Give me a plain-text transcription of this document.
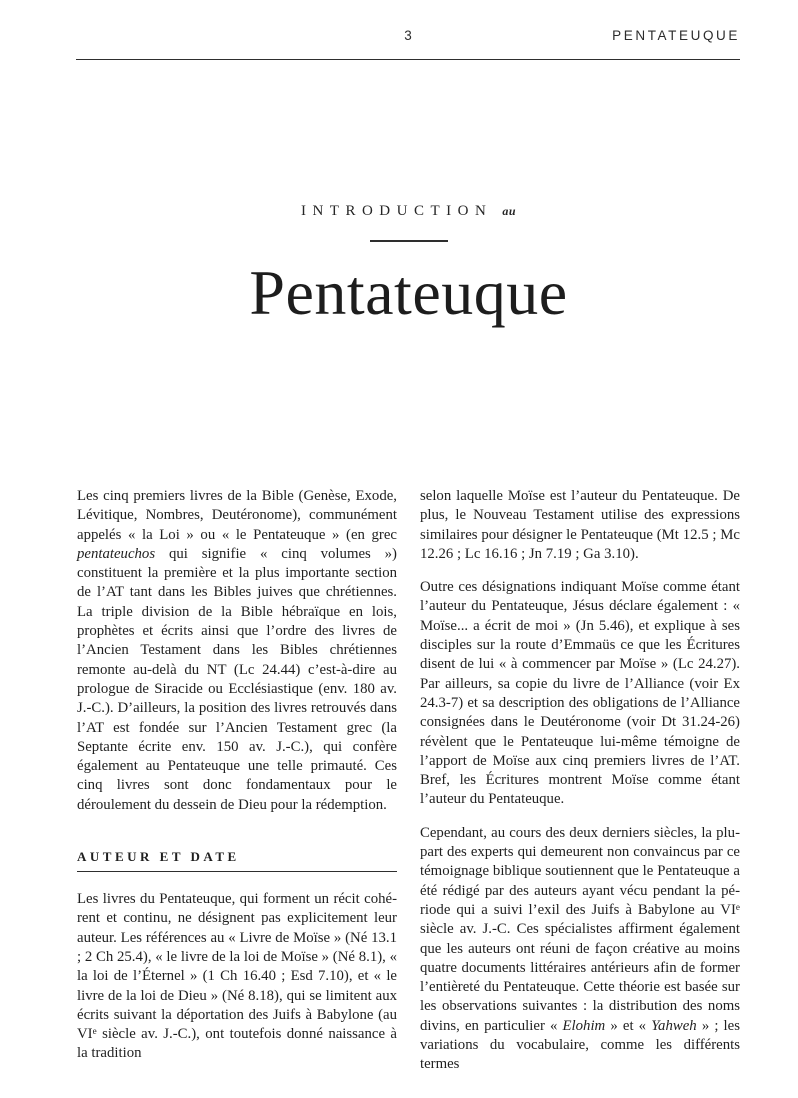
3	PENTATEUQUE
INTRODUCTION au
Pentateuque

Les cinq premiers livres de la Bible (Genèse, Exode, Lévitique, Nombres, Deutéronome), communément appelés « la Loi » ou « le Pentateuque » (en grec pentateuchos qui signifie « cinq volumes ») constituent la première et la plus importante section de l’AT tant dans les Bibles juives que chrétiennes. La triple division de la Bible hébraïque en lois, prophètes et écrits ainsi que l’ordre des livres de l’Ancien Testament dans les Bibles chrétiennes remonte au-delà du NT (Lc 24.44) c’est-à-dire au prologue de Siracide ou Ecclésiastique (env. 180 av. J.-C.). D’ailleurs, la position des livres retrouvés dans l’AT est fondée sur l’Ancien Testament grec (la Septante écrite env. 150 av. J.-C.), qui confère également au Pentateuque une telle primauté. Ces cinq livres sont donc fondamentaux pour le déroulement du dessein de Dieu pour la rédemption.

AUTEUR ET DATE

Les livres du Pentateuque, qui forment un récit cohérent et continu, ne désignent pas explicitement leur auteur. Les références au « Livre de Moïse » (Né 13.1 ; 2 Ch 25.4), « le livre de la loi de Moïse » (Né 8.1), « la loi de l’Éternel » (1 Ch 16.40 ; Esd 7.10), et « le livre de la loi de Dieu » (Né 8.18), qui se limitent aux écrits suivant la déportation des Juifs à Babylone (au VIe siècle av. J.-C.), ont toutefois donné naissance à la tradition

selon laquelle Moïse est l’auteur du Pentateuque. De plus, le Nouveau Testament utilise des expressions similaires pour désigner le Pentateuque (Mt 12.5 ; Mc 12.26 ; Lc 16.16 ; Jn 7.19 ; Ga 3.10).

Outre ces désignations indiquant Moïse comme étant l’auteur du Pentateuque, Jésus déclare également : « Moïse... a écrit de moi » (Jn 5.46), et explique à ses disciples sur la route d’Emmaüs ce que les Écritures disent de lui « à commencer par Moïse » (Lc 24.27). Par ailleurs, sa copie du livre de l’Alliance (voir Ex 24.3-7) et sa description des obligations de l’Alliance consignées dans le Deutéronome (voir Dt 31.24-26) révèlent que le Pentateuque lui-même témoigne de l’apport de Moïse aux cinq premiers livres de l’AT. Bref, les Écritures montrent Moïse comme étant l’auteur du Pentateuque.

Cependant, au cours des deux derniers siècles, la plupart des experts qui demeurent non convaincus par ce témoignage biblique soutiennent que le Pentateuque a été rédigé par des auteurs ayant vécu pendant la période qui a suivi l’exil des Juifs à Babylone au VIe siècle av. J.-C. Ces spécialistes affirment également que les auteurs ont réuni de façon créative au moins quatre documents littéraires antérieurs afin de former l’entièreté du Pentateuque. Cette théorie est basée sur les observations suivantes : la distribution des noms divins, en particulier « Elohim » et « Yahweh » ; les variations du vocabulaire, comme les différents termes
